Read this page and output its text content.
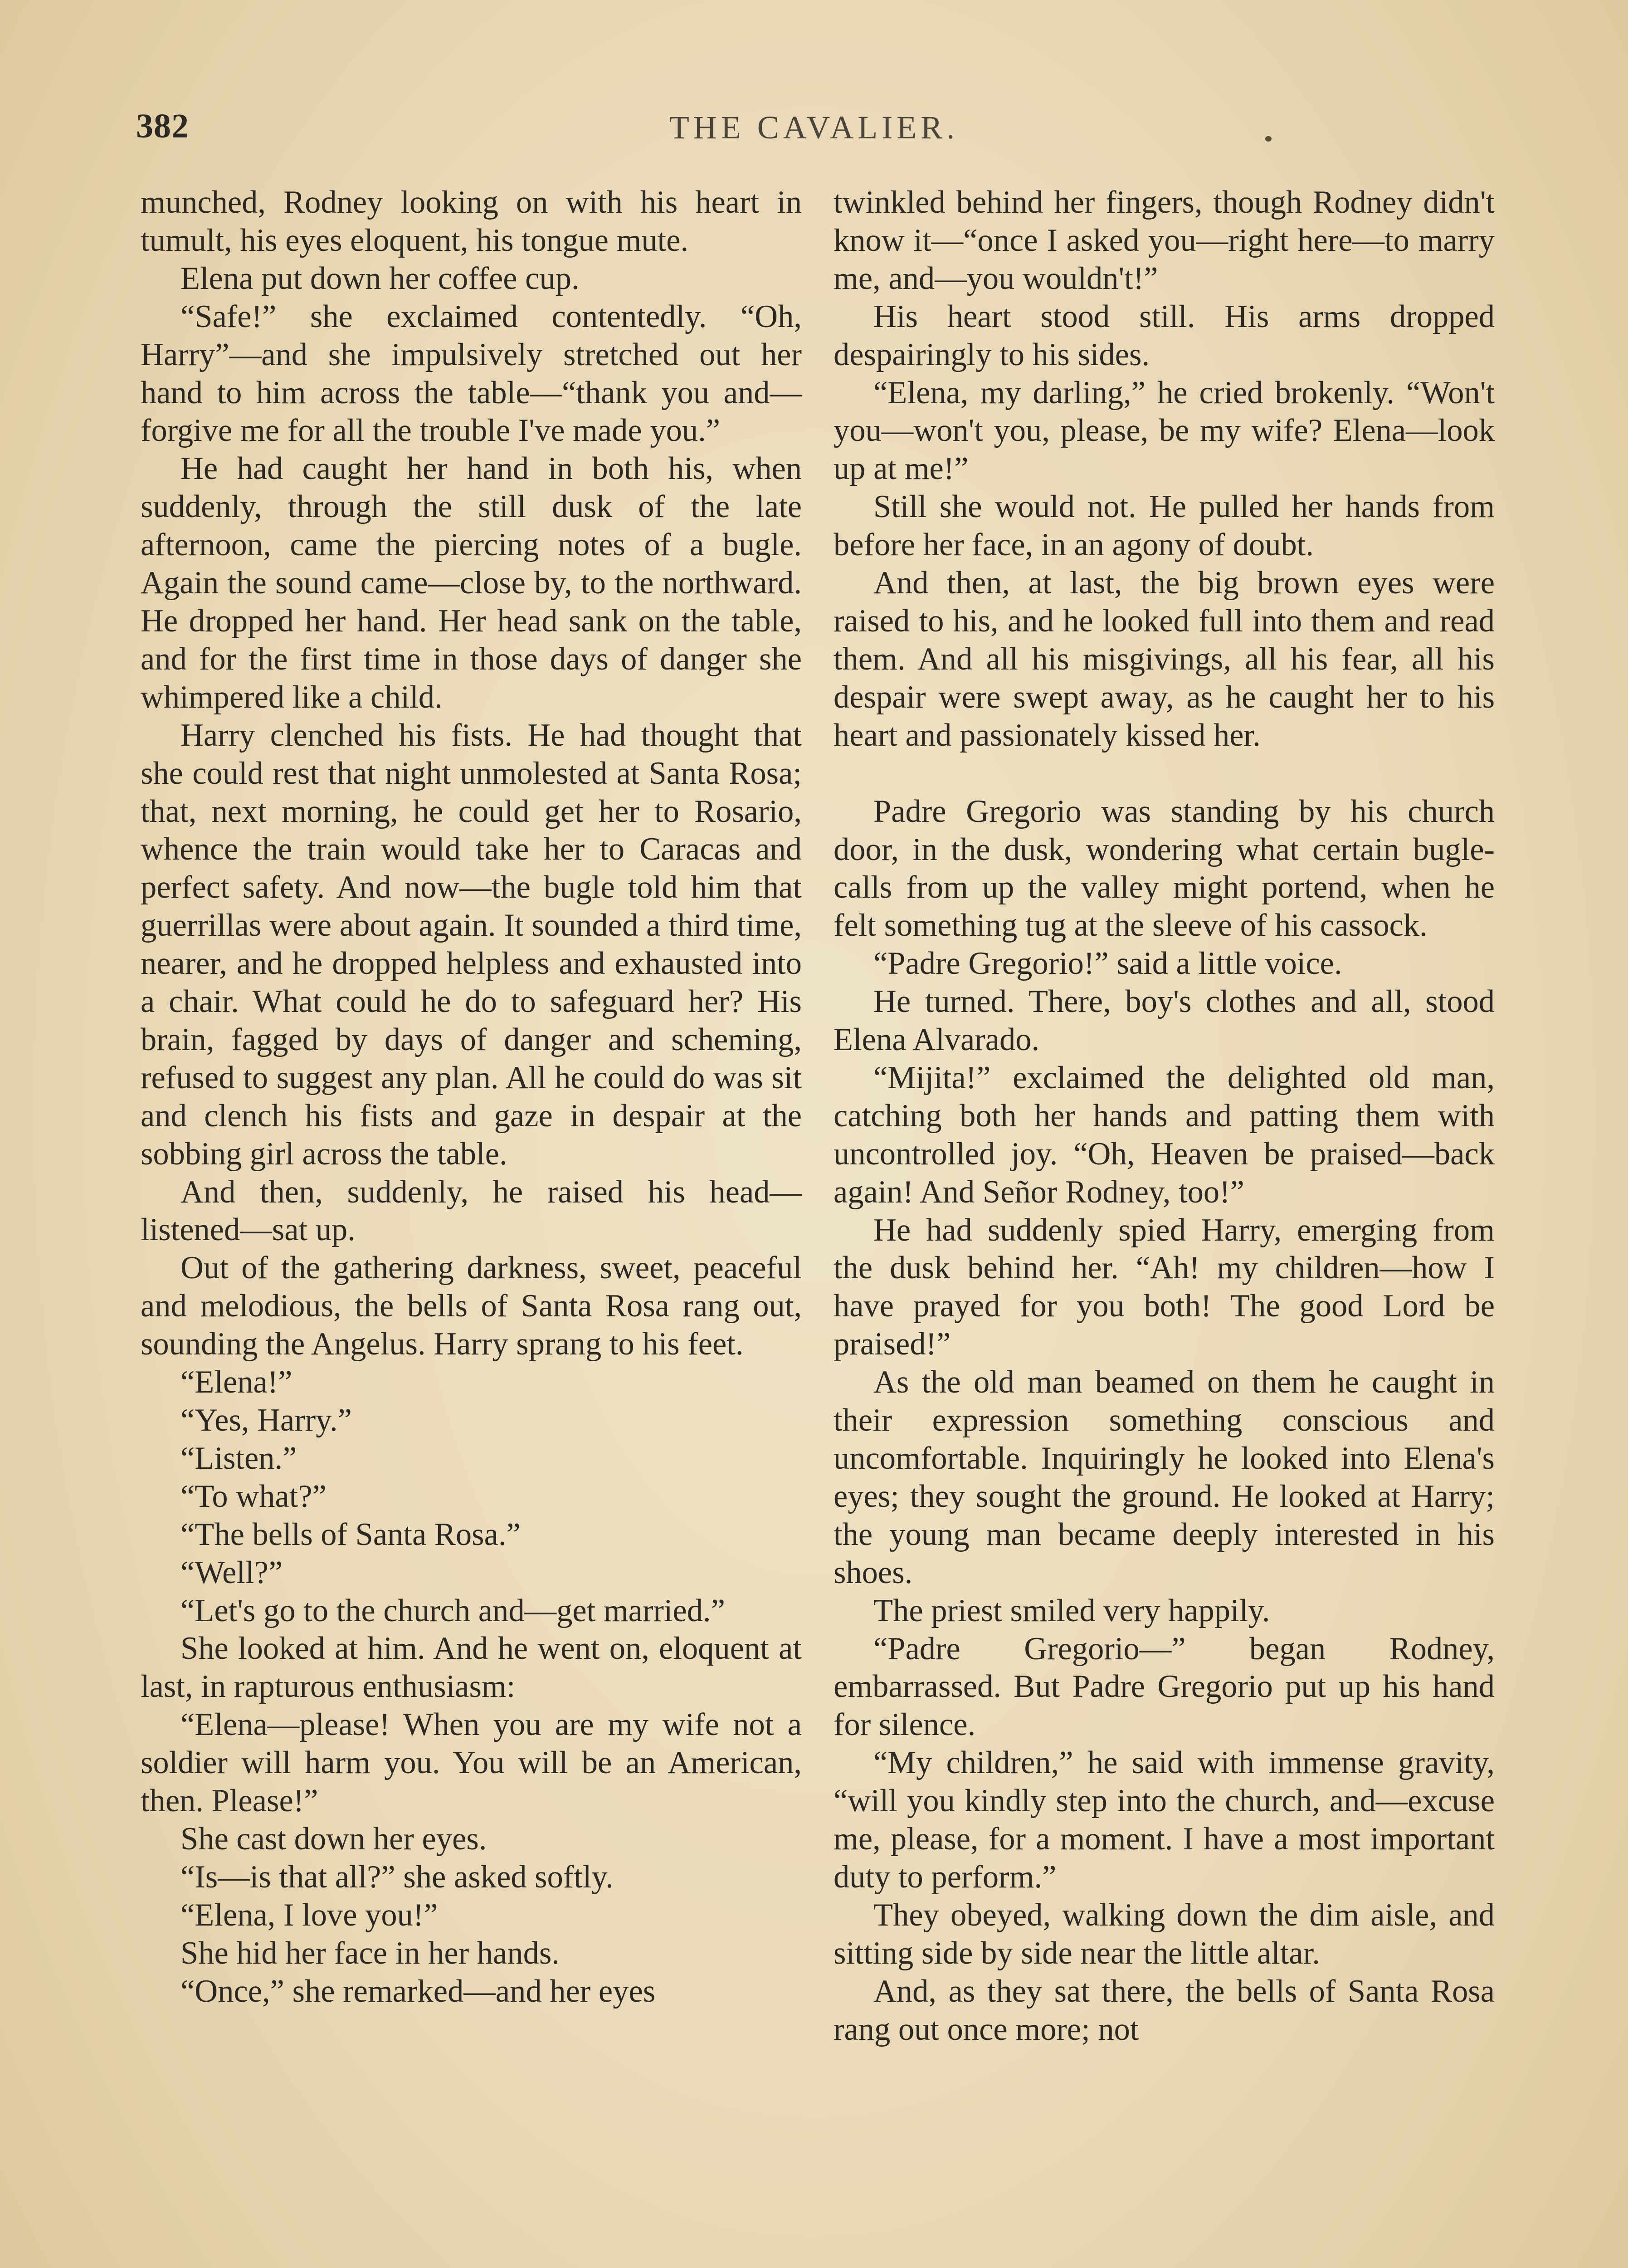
382	THE CAVALIER.

munched, Rodney looking on with his heart in tumult, his eyes eloquent, his tongue mute.

Elena put down her coffee cup.

“Safe!” she exclaimed contentedly. “Oh, Harry”—and she impulsively stretched out her hand to him across the table—“thank you and—forgive me for all the trouble I've made you.”

He had caught her hand in both his, when suddenly, through the still dusk of the late afternoon, came the piercing notes of a bugle. Again the sound came—close by, to the northward. He dropped her hand. Her head sank on the table, and for the first time in those days of danger she whimpered like a child.

Harry clenched his fists. He had thought that she could rest that night unmolested at Santa Rosa; that, next morning, he could get her to Rosario, whence the train would take her to Caracas and perfect safety. And now—the bugle told him that guerrillas were about again. It sounded a third time, nearer, and he dropped helpless and exhausted into a chair. What could he do to safeguard her? His brain, fagged by days of danger and scheming, refused to suggest any plan. All he could do was sit and clench his fists and gaze in despair at the sobbing girl across the table.

And then, suddenly, he raised his head—listened—sat up.

Out of the gathering darkness, sweet, peaceful and melodious, the bells of Santa Rosa rang out, sounding the Angelus. Harry sprang to his feet.

“Elena!”

“Yes, Harry.”

“Listen.”

“To what?”

“The bells of Santa Rosa.”

“Well?”

“Let's go to the church and—get married.”

She looked at him. And he went on, eloquent at last, in rapturous enthusiasm:

“Elena—please! When you are my wife not a soldier will harm you. You will be an American, then. Please!”

She cast down her eyes.

“Is—is that all?” she asked softly.

“Elena, I love you!”

She hid her face in her hands.

“Once,” she remarked—and her eyes

twinkled behind her fingers, though Rodney didn't know it—“once I asked you—right here—to marry me, and—you wouldn't!”

His heart stood still. His arms dropped despairingly to his sides.

“Elena, my darling,” he cried brokenly. “Won't you—won't you, please, be my wife? Elena—look up at me!”

Still she would not. He pulled her hands from before her face, in an agony of doubt.

And then, at last, the big brown eyes were raised to his, and he looked full into them and read them. And all his misgivings, all his fear, all his despair were swept away, as he caught her to his heart and passionately kissed her.

Padre Gregorio was standing by his church door, in the dusk, wondering what certain bugle-calls from up the valley might portend, when he felt something tug at the sleeve of his cassock.

“Padre Gregorio!” said a little voice.

He turned. There, boy's clothes and all, stood Elena Alvarado.

“Mijita!” exclaimed the delighted old man, catching both her hands and patting them with uncontrolled joy. “Oh, Heaven be praised—back again! And Señor Rodney, too!”

He had suddenly spied Harry, emerging from the dusk behind her. “Ah! my children—how I have prayed for you both! The good Lord be praised!”

As the old man beamed on them he caught in their expression something conscious and uncomfortable. Inquiringly he looked into Elena's eyes; they sought the ground. He looked at Harry; the young man became deeply interested in his shoes.

The priest smiled very happily.

“Padre Gregorio—” began Rodney, embarrassed. But Padre Gregorio put up his hand for silence.

“My children,” he said with immense gravity, “will you kindly step into the church, and—excuse me, please, for a moment. I have a most important duty to perform.”

They obeyed, walking down the dim aisle, and sitting side by side near the little altar.

And, as they sat there, the bells of Santa Rosa rang out once more; not
